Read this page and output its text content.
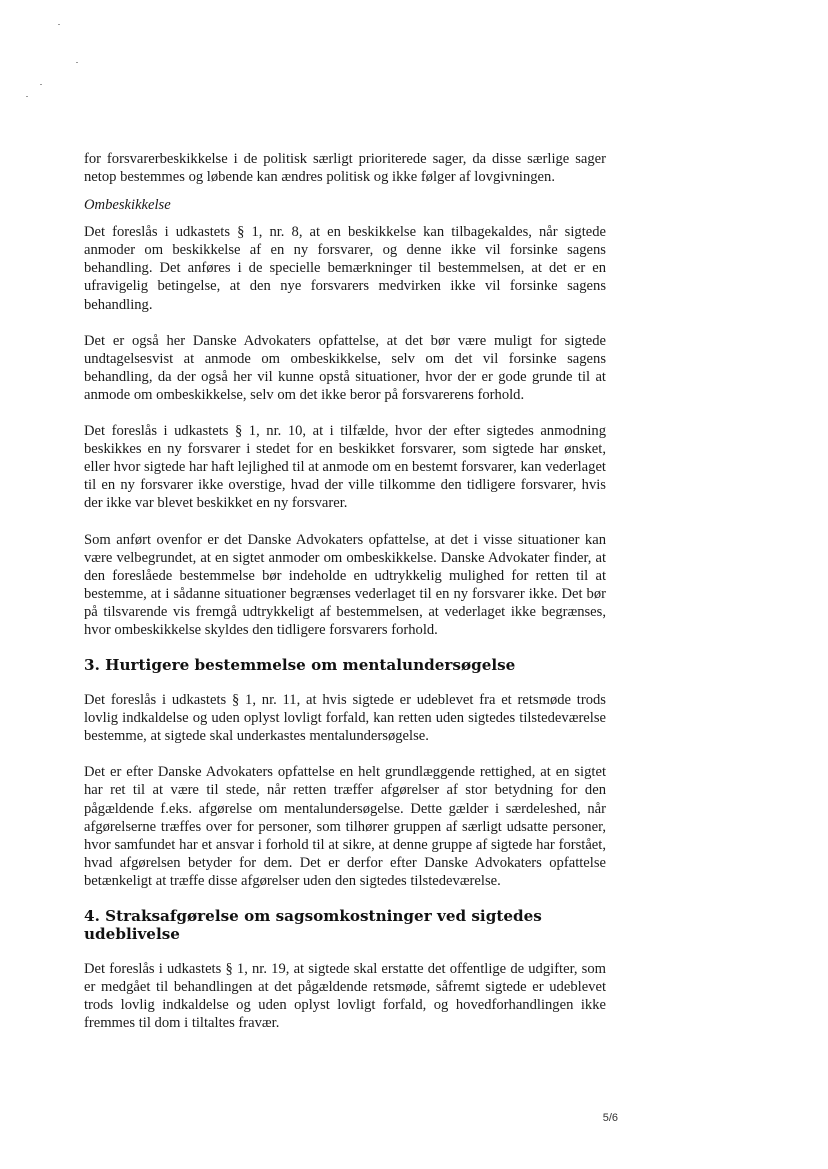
for forsvarerbeskikkelse i de politisk særligt prioriterede sager, da disse særlige sager netop bestemmes og løbende kan ændres politisk og ikke følger af lovgivningen.

Ombeskikkelse

Det foreslås i udkastets § 1, nr. 8, at en beskikkelse kan tilbagekaldes, når sigtede anmoder om beskikkelse af en ny forsvarer, og denne ikke vil forsinke sagens behandling. Det anføres i de specielle bemærkninger til bestemmelsen, at det er en ufravigelig betingelse, at den nye forsvarers medvirken ikke vil forsinke sagens behandling.

Det er også her Danske Advokaters opfattelse, at det bør være muligt for sigtede undtagelsesvist at anmode om ombeskikkelse, selv om det vil forsinke sagens behandling, da der også her vil kunne opstå situationer, hvor der er gode grunde til at anmode om ombeskikkelse, selv om det ikke beror på forsvarerens forhold.

Det foreslås i udkastets § 1, nr. 10, at i tilfælde, hvor der efter sigtedes anmodning beskikkes en ny forsvarer i stedet for en beskikket forsvarer, som sigtede har ønsket, eller hvor sigtede har haft lejlighed til at anmode om en bestemt forsvarer, kan vederlaget til en ny forsvarer ikke overstige, hvad der ville tilkomme den tidligere forsvarer, hvis der ikke var blevet beskikket en ny forsvarer.

Som anført ovenfor er det Danske Advokaters opfattelse, at det i visse situationer kan være velbegrundet, at en sigtet anmoder om ombeskikkelse. Danske Advokater finder, at den foreslåede bestemmelse bør indeholde en udtrykkelig mulighed for retten til at bestemme, at i sådanne situationer begrænses vederlaget til en ny forsvarer ikke. Det bør på tilsvarende vis fremgå udtrykkeligt af bestemmelsen, at vederlaget ikke begrænses, hvor ombeskikkelse skyldes den tidligere forsvarers forhold.

3. Hurtigere bestemmelse om mentalundersøgelse

Det foreslås i udkastets § 1, nr. 11, at hvis sigtede er udeblevet fra et retsmøde trods lovlig indkaldelse og uden oplyst lovligt forfald, kan retten uden sigtedes tilstedeværelse bestemme, at sigtede skal underkastes mentalundersøgelse.

Det er efter Danske Advokaters opfattelse en helt grundlæggende rettighed, at en sigtet har ret til at være til stede, når retten træffer afgørelser af stor betydning for den pågældende f.eks. afgørelse om mentalundersøgelse. Dette gælder i særdeleshed, når afgørelserne træffes over for personer, som tilhører gruppen af særligt udsatte personer, hvor samfundet har et ansvar i forhold til at sikre, at denne gruppe af sigtede har forstået, hvad afgørelsen betyder for dem. Det er derfor efter Danske Advokaters opfattelse betænkeligt at træffe disse afgørelser uden den sigtedes tilstedeværelse.

4. Straksafgørelse om sagsomkostninger ved sigtedes udeblivelse

Det foreslås i udkastets § 1, nr. 19, at sigtede skal erstatte det offentlige de udgifter, som er medgået til behandlingen at det pågældende retsmøde, såfremt sigtede er udeblevet trods lovlig indkaldelse og uden oplyst lovligt forfald, og hovedforhandlingen ikke fremmes til dom i tiltaltes fravær.

5/6
